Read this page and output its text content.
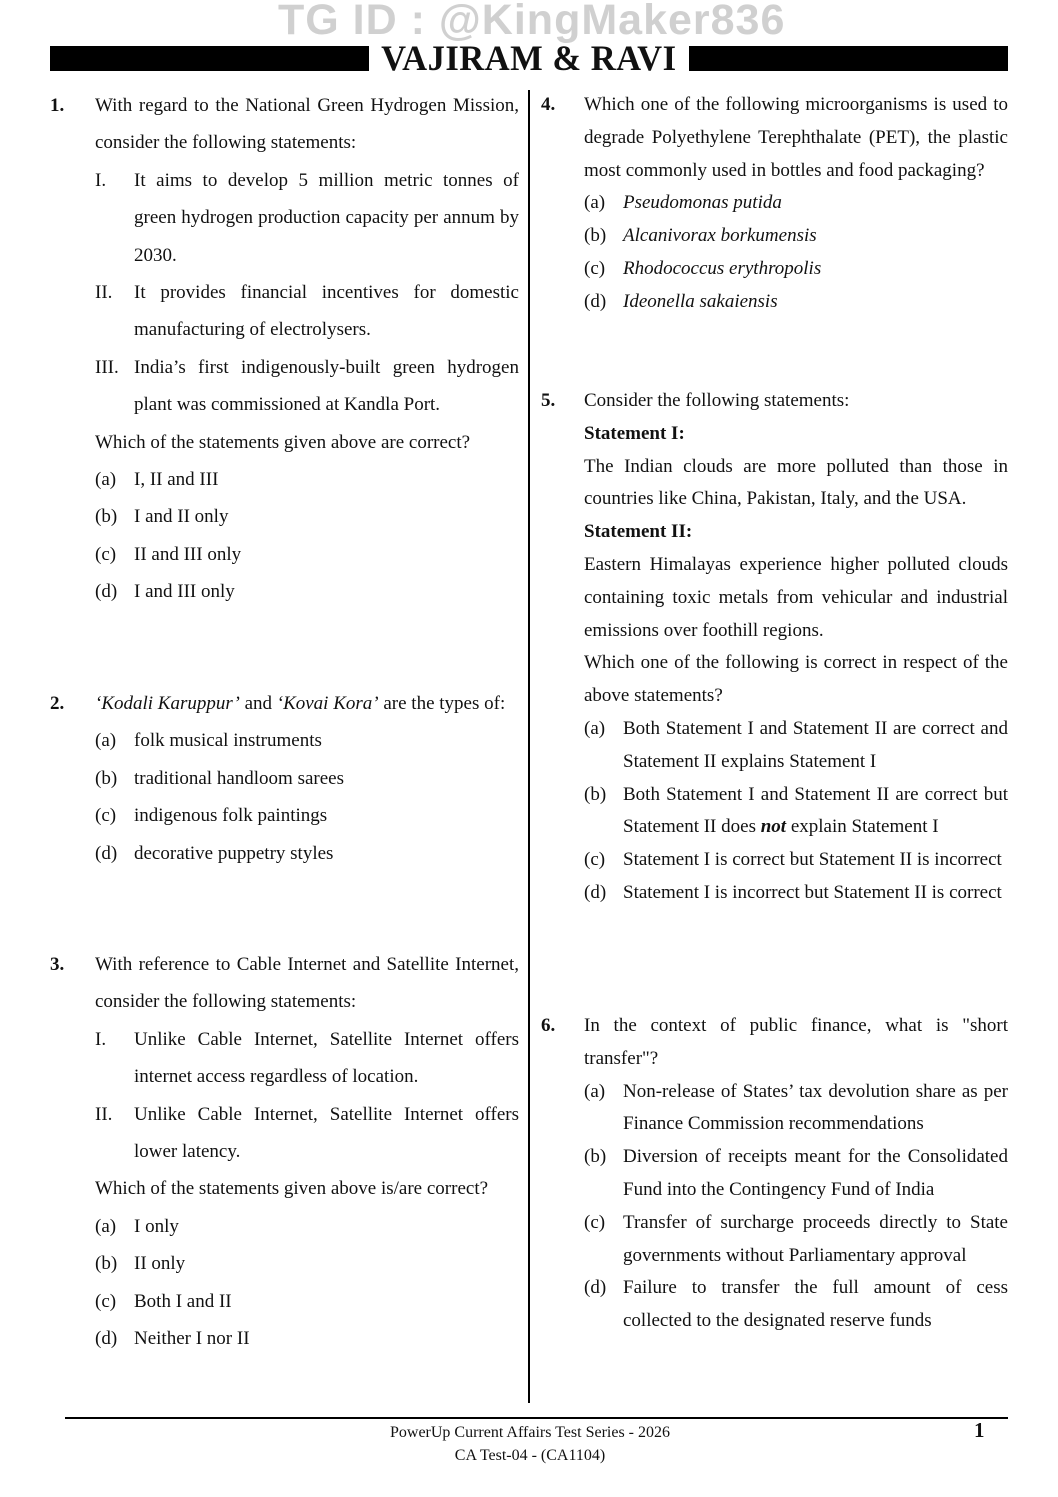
TG ID : @KingMaker836
VAJIRAM & RAVI
1.	With regard to the National Green Hydrogen Mission, consider the following statements:
I.	It aims to develop 5 million metric tonnes of green hydrogen production capacity per annum by 2030.
II.	It provides financial incentives for domestic manufacturing of electrolysers.
III. India’s first indigenously-built green hydrogen plant was commissioned at Kandla Port.
Which of the statements given above are correct?
(a) I, II and III
(b) I and II only
(c) II and III only
(d) I and III only
2.	‘Kodali Karuppur’ and ‘Kovai Kora’ are the types of:
(a) folk musical instruments
(b) traditional handloom sarees
(c) indigenous folk paintings
(d) decorative puppetry styles
3.	With reference to Cable Internet and Satellite Internet, consider the following statements:
I.	Unlike Cable Internet, Satellite Internet offers internet access regardless of location.
II.	Unlike Cable Internet, Satellite Internet offers lower latency.
Which of the statements given above is/are correct?
(a) I only
(b) II only
(c) Both I and II
(d) Neither I nor II
4.	Which one of the following microorganisms is used to degrade Polyethylene Terephthalate (PET), the plastic most commonly used in bottles and food packaging?
(a) Pseudomonas putida
(b) Alcanivorax borkumensis
(c) Rhodococcus erythropolis
(d) Ideonella sakaiensis
5.	Consider the following statements:
Statement I:
The Indian clouds are more polluted than those in countries like China, Pakistan, Italy, and the USA.
Statement II:
Eastern Himalayas experience higher polluted clouds containing toxic metals from vehicular and industrial emissions over foothill regions.
Which one of the following is correct in respect of the above statements?
(a) Both Statement I and Statement II are correct and Statement II explains Statement I
(b) Both Statement I and Statement II are correct but Statement II does not explain Statement I
(c) Statement I is correct but Statement II is incorrect
(d) Statement I is incorrect but Statement II is correct
6.	In the context of public finance, what is "short transfer"?
(a) Non-release of States’ tax devolution share as per Finance Commission recommendations
(b) Diversion of receipts meant for the Consolidated Fund into the Contingency Fund of India
(c) Transfer of surcharge proceeds directly to State governments without Parliamentary approval
(d) Failure to transfer the full amount of cess collected to the designated reserve funds
PowerUp Current Affairs Test Series - 2026
CA Test-04 - (CA1104)
1
